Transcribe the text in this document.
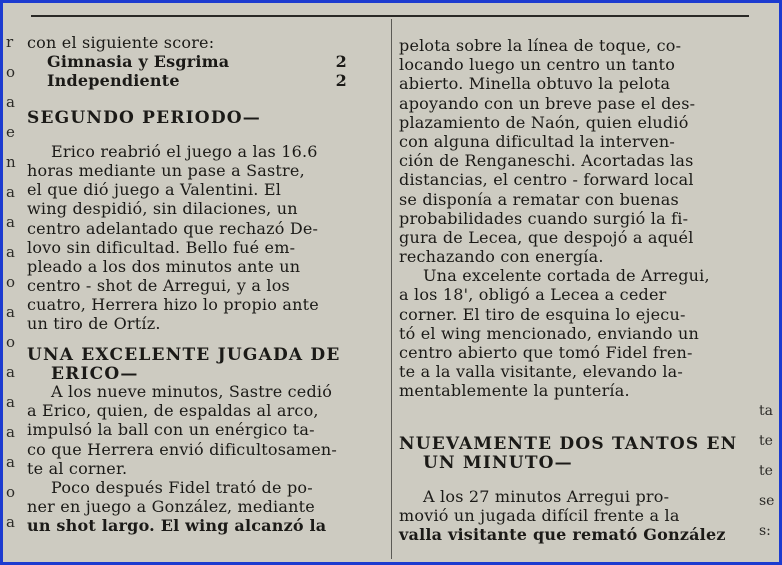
r
o
a
e
n
a
a
a
o
a
o
a
a
a
a
o
a
ta
te
te
se
s:
con el siguiente score:
Gimnasia y Esgrima	2
Independiente	2
SEGUNDO PERIODO—
Erico reabrió el juego a las 16.6
horas mediante un pase a Sastre,
el que dió juego a Valentini. El
wing despidió, sin dilaciones, un
centro adelantado que rechazó De-
lovo sin dificultad. Bello fué em-
pleado a los dos minutos ante un
centro - shot de Arregui, y a los
cuatro, Herrera hizo lo propio ante
un tiro de Ortíz.
UNA EXCELENTE JUGADA DE
ERICO—
A los nueve minutos, Sastre cedió
a Erico, quien, de espaldas al arco,
impulsó la ball con un enérgico ta-
co que Herrera envió dificultosamen-
te al corner.
Poco después Fidel trató de po-
ner en juego a González, mediante
un shot largo. El wing alcanzó la
pelota sobre la línea de toque, co-
locando luego un centro un tanto
abierto. Minella obtuvo la pelota
apoyando con un breve pase el des-
plazamiento de Naón, quien eludió
con alguna dificultad la interven-
ción de Renganeschi. Acortadas las
distancias, el centro - forward local
se disponía a rematar con buenas
probabilidades cuando surgió la fi-
gura de Lecea, que despojó a aquél
rechazando con energía.
Una excelente cortada de Arregui,
a los 18', obligó a Lecea a ceder
corner. El tiro de esquina lo ejecu-
tó el wing mencionado, enviando un
centro abierto que tomó Fidel fren-
te a la valla visitante, elevando la-
mentablemente la puntería.
NUEVAMENTE DOS TANTOS EN
UN MINUTO—
A los 27 minutos Arregui pro-
movió un jugada difícil frente a la
valla visitante que remató González
